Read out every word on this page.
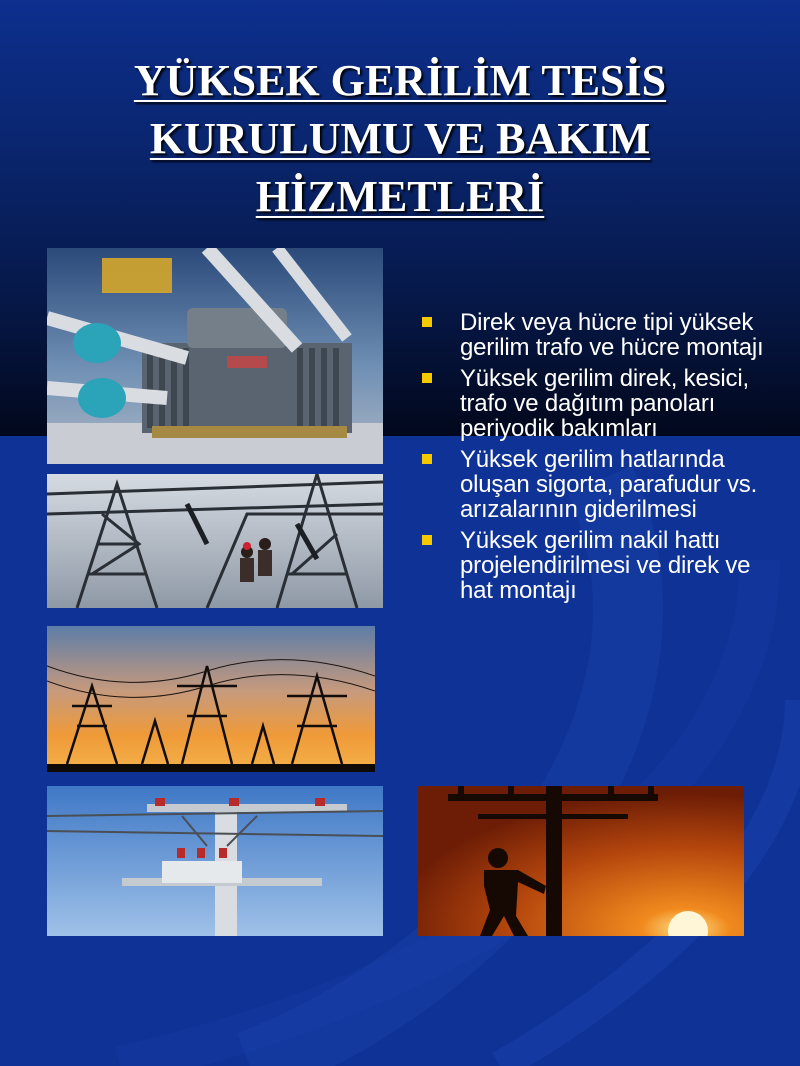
YÜKSEK GERİLİM TESİS KURULUMU VE BAKIM HİZMETLERİ
Direk veya hücre tipi yüksek gerilim trafo ve hücre montajı
Yüksek gerilim direk, kesici, trafo ve dağıtım panoları periyodik bakımları
Yüksek gerilim hatlarında oluşan sigorta, parafudur vs. arızalarının giderilmesi
Yüksek gerilim nakil hattı projelendirilmesi ve direk ve hat montajı
